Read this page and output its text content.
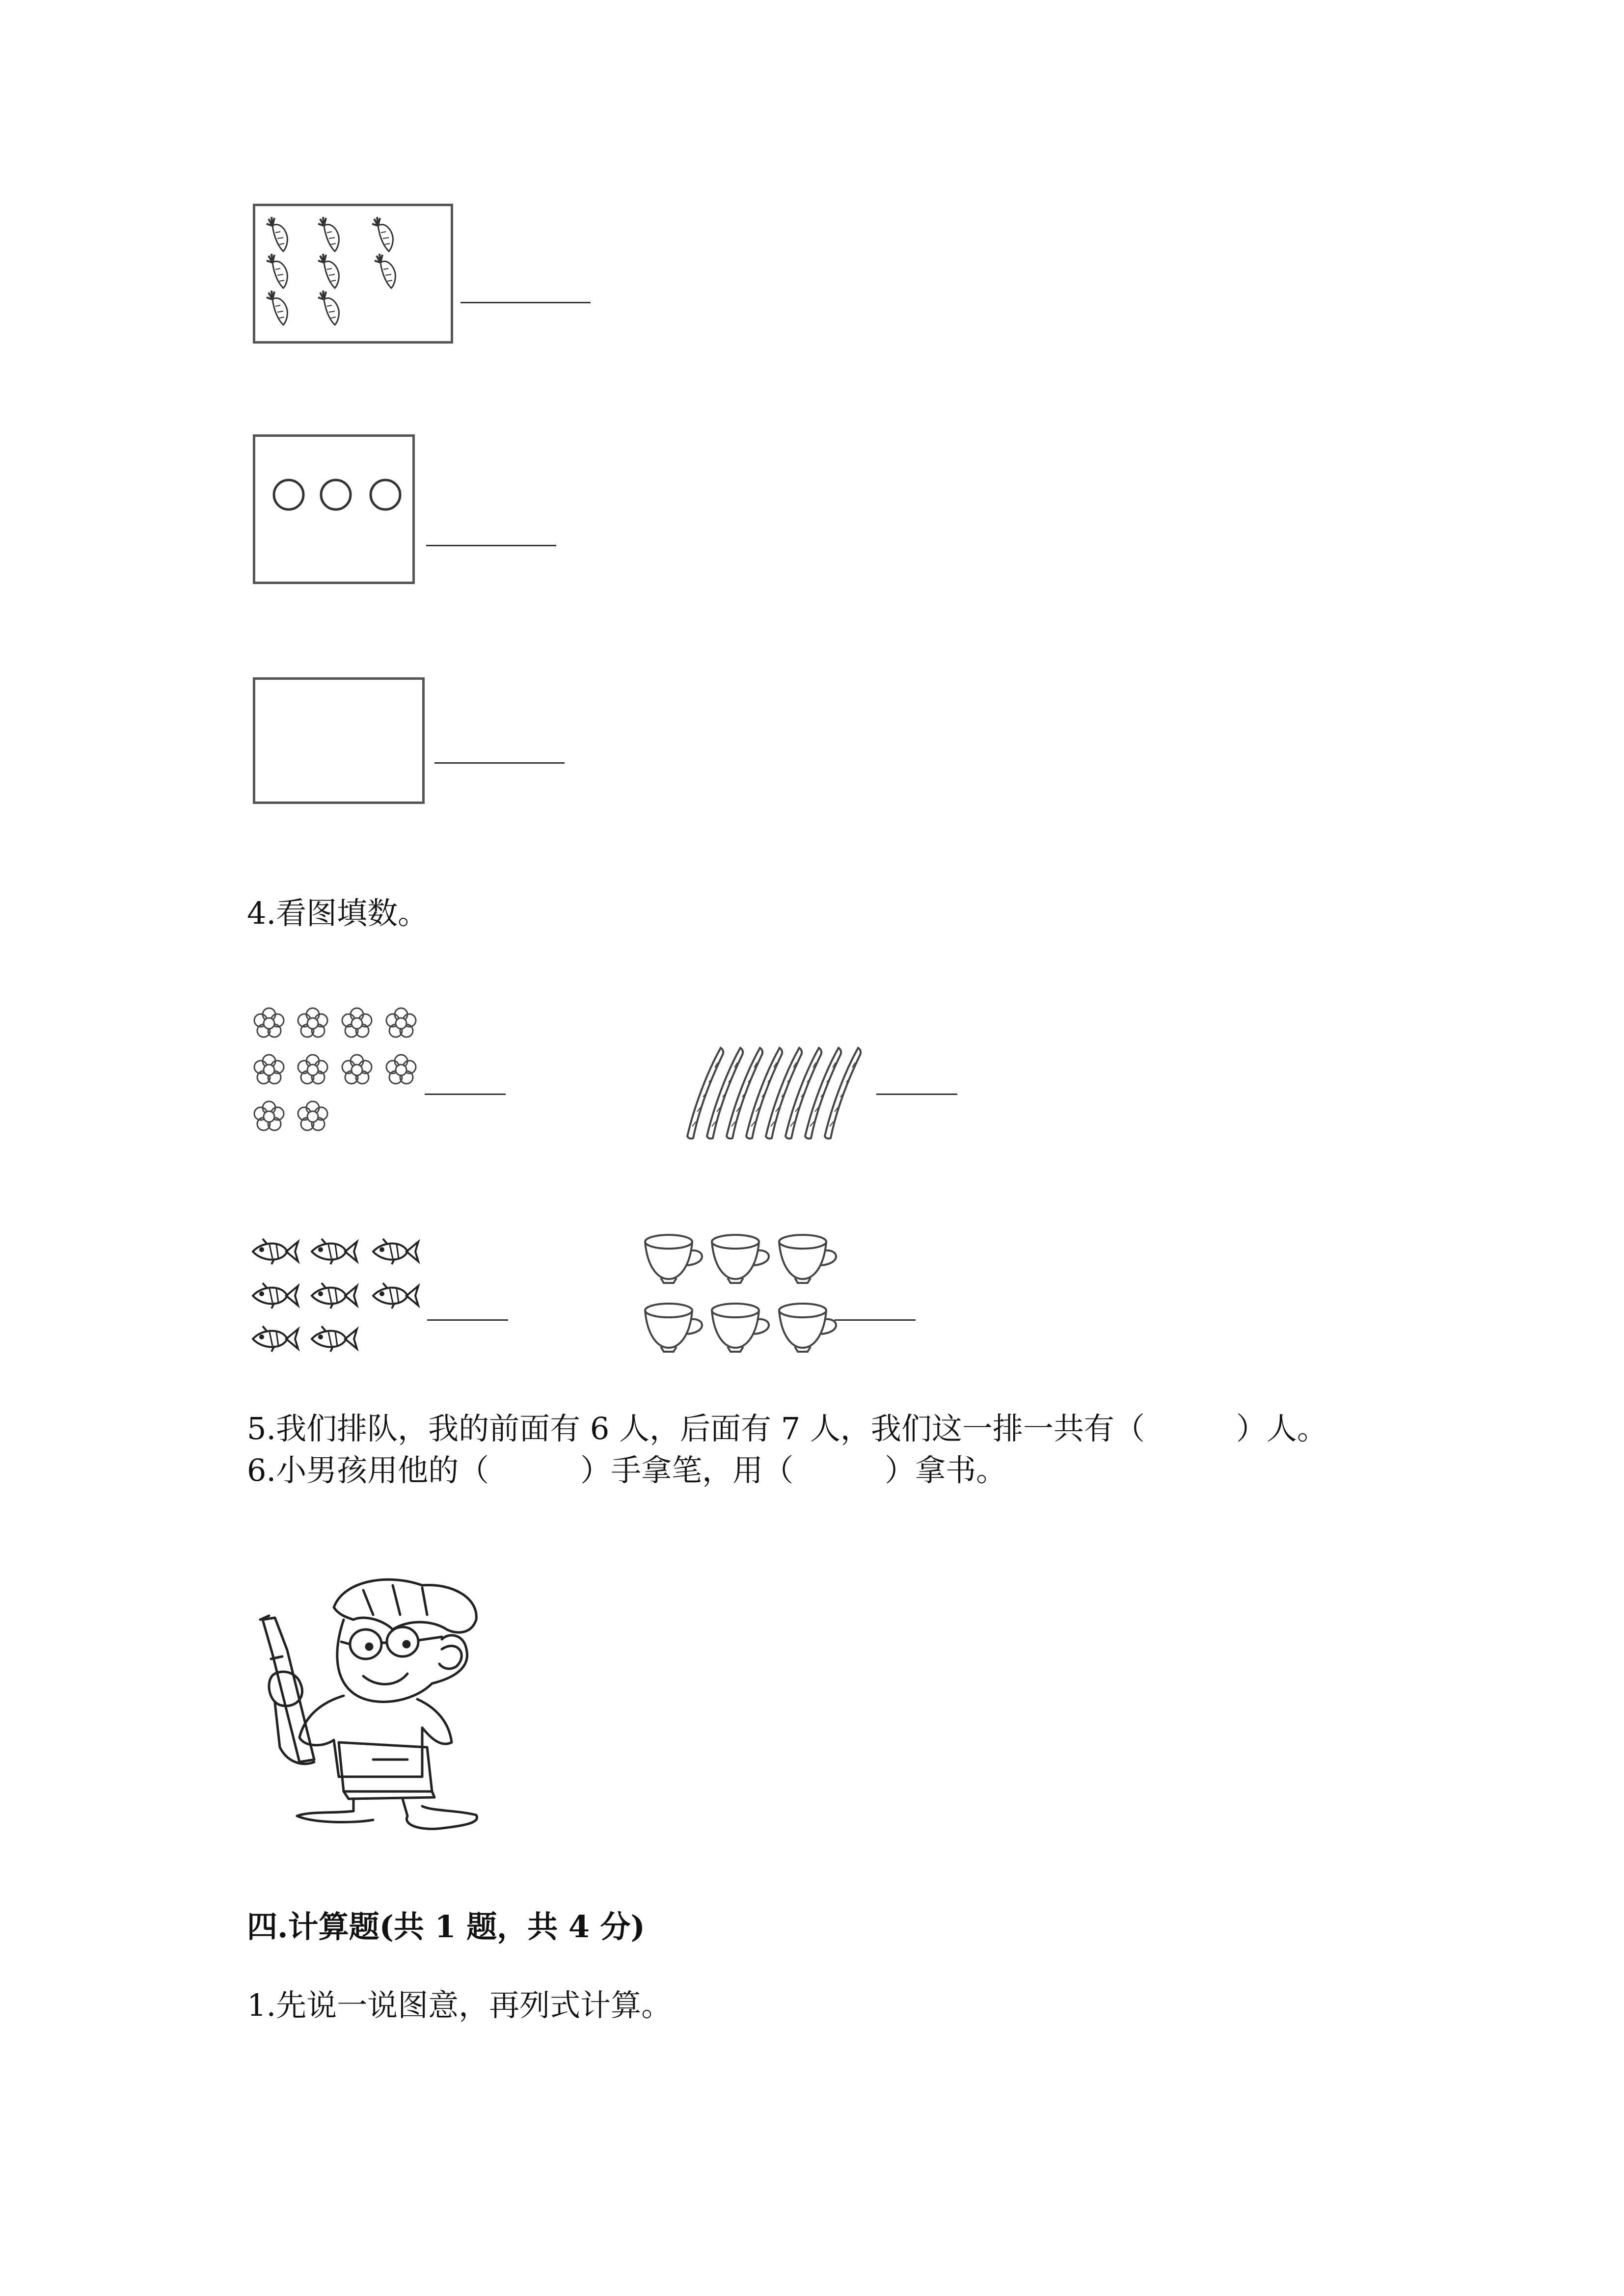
4.看图填数。
5.我们排队，我的前面有 6 人，后面有 7 人，我们这一排一共有（　　　）人。
6.小男孩用他的（　　　）手拿笔，用（　　　）拿书。
四.计算题(共 1 题，共 4 分)
1.先说一说图意，再列式计算。
